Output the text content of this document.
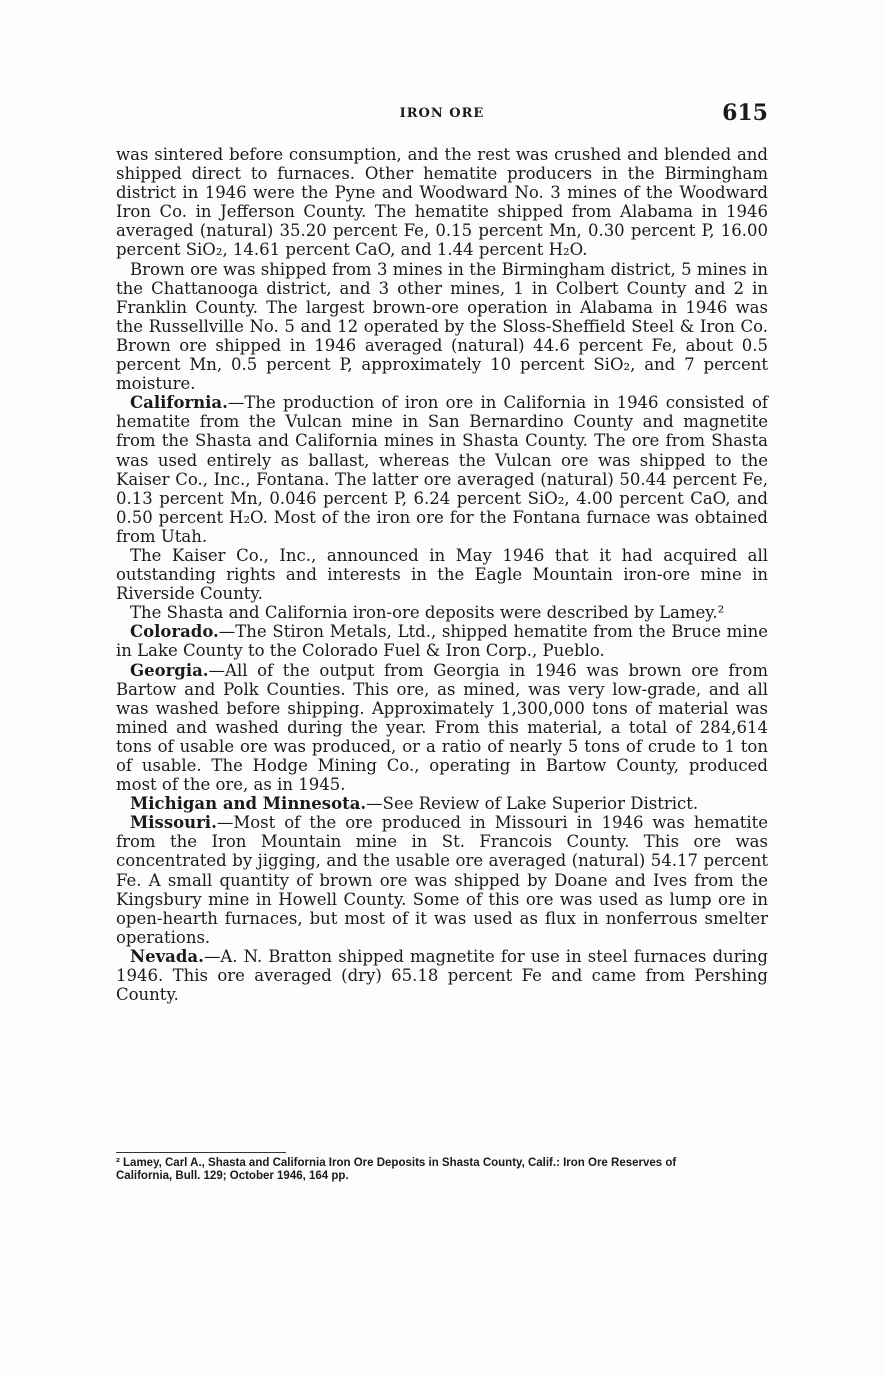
IRON ORE	615

was sintered before consumption, and the rest was crushed and blended and shipped direct to furnaces. Other hematite producers in the Birmingham district in 1946 were the Pyne and Woodward No. 3 mines of the Woodward Iron Co. in Jefferson County. The hematite shipped from Alabama in 1946 averaged (natural) 35.20 percent Fe, 0.15 percent Mn, 0.30 percent P, 16.00 percent SiO₂, 14.61 percent CaO, and 1.44 percent H₂O.

Brown ore was shipped from 3 mines in the Birmingham district, 5 mines in the Chattanooga district, and 3 other mines, 1 in Colbert County and 2 in Franklin County. The largest brown-ore operation in Alabama in 1946 was the Russellville No. 5 and 12 operated by the Sloss-Sheffield Steel & Iron Co. Brown ore shipped in 1946 averaged (natural) 44.6 percent Fe, about 0.5 percent Mn, 0.5 percent P, approximately 10 percent SiO₂, and 7 percent moisture.

California.—The production of iron ore in California in 1946 consisted of hematite from the Vulcan mine in San Bernardino County and magnetite from the Shasta and California mines in Shasta County. The ore from Shasta was used entirely as ballast, whereas the Vulcan ore was shipped to the Kaiser Co., Inc., Fontana. The latter ore averaged (natural) 50.44 percent Fe, 0.13 percent Mn, 0.046 percent P, 6.24 percent SiO₂, 4.00 percent CaO, and 0.50 percent H₂O. Most of the iron ore for the Fontana furnace was obtained from Utah.

The Kaiser Co., Inc., announced in May 1946 that it had acquired all outstanding rights and interests in the Eagle Mountain iron-ore mine in Riverside County.

The Shasta and California iron-ore deposits were described by Lamey.²

Colorado.—The Stiron Metals, Ltd., shipped hematite from the Bruce mine in Lake County to the Colorado Fuel & Iron Corp., Pueblo.

Georgia.—All of the output from Georgia in 1946 was brown ore from Bartow and Polk Counties. This ore, as mined, was very low-grade, and all was washed before shipping. Approximately 1,300,000 tons of material was mined and washed during the year. From this material, a total of 284,614 tons of usable ore was produced, or a ratio of nearly 5 tons of crude to 1 ton of usable. The Hodge Mining Co., operating in Bartow County, produced most of the ore, as in 1945.

Michigan and Minnesota.—See Review of Lake Superior District.

Missouri.—Most of the ore produced in Missouri in 1946 was hematite from the Iron Mountain mine in St. Francois County. This ore was concentrated by jigging, and the usable ore averaged (natural) 54.17 percent Fe. A small quantity of brown ore was shipped by Doane and Ives from the Kingsbury mine in Howell County. Some of this ore was used as lump ore in open-hearth furnaces, but most of it was used as flux in nonferrous smelter operations.

Nevada.—A. N. Bratton shipped magnetite for use in steel furnaces during 1946. This ore averaged (dry) 65.18 percent Fe and came from Pershing County.

² Lamey, Carl A., Shasta and California Iron Ore Deposits in Shasta County, Calif.: Iron Ore Reserves of California, Bull. 129; October 1946, 164 pp.
